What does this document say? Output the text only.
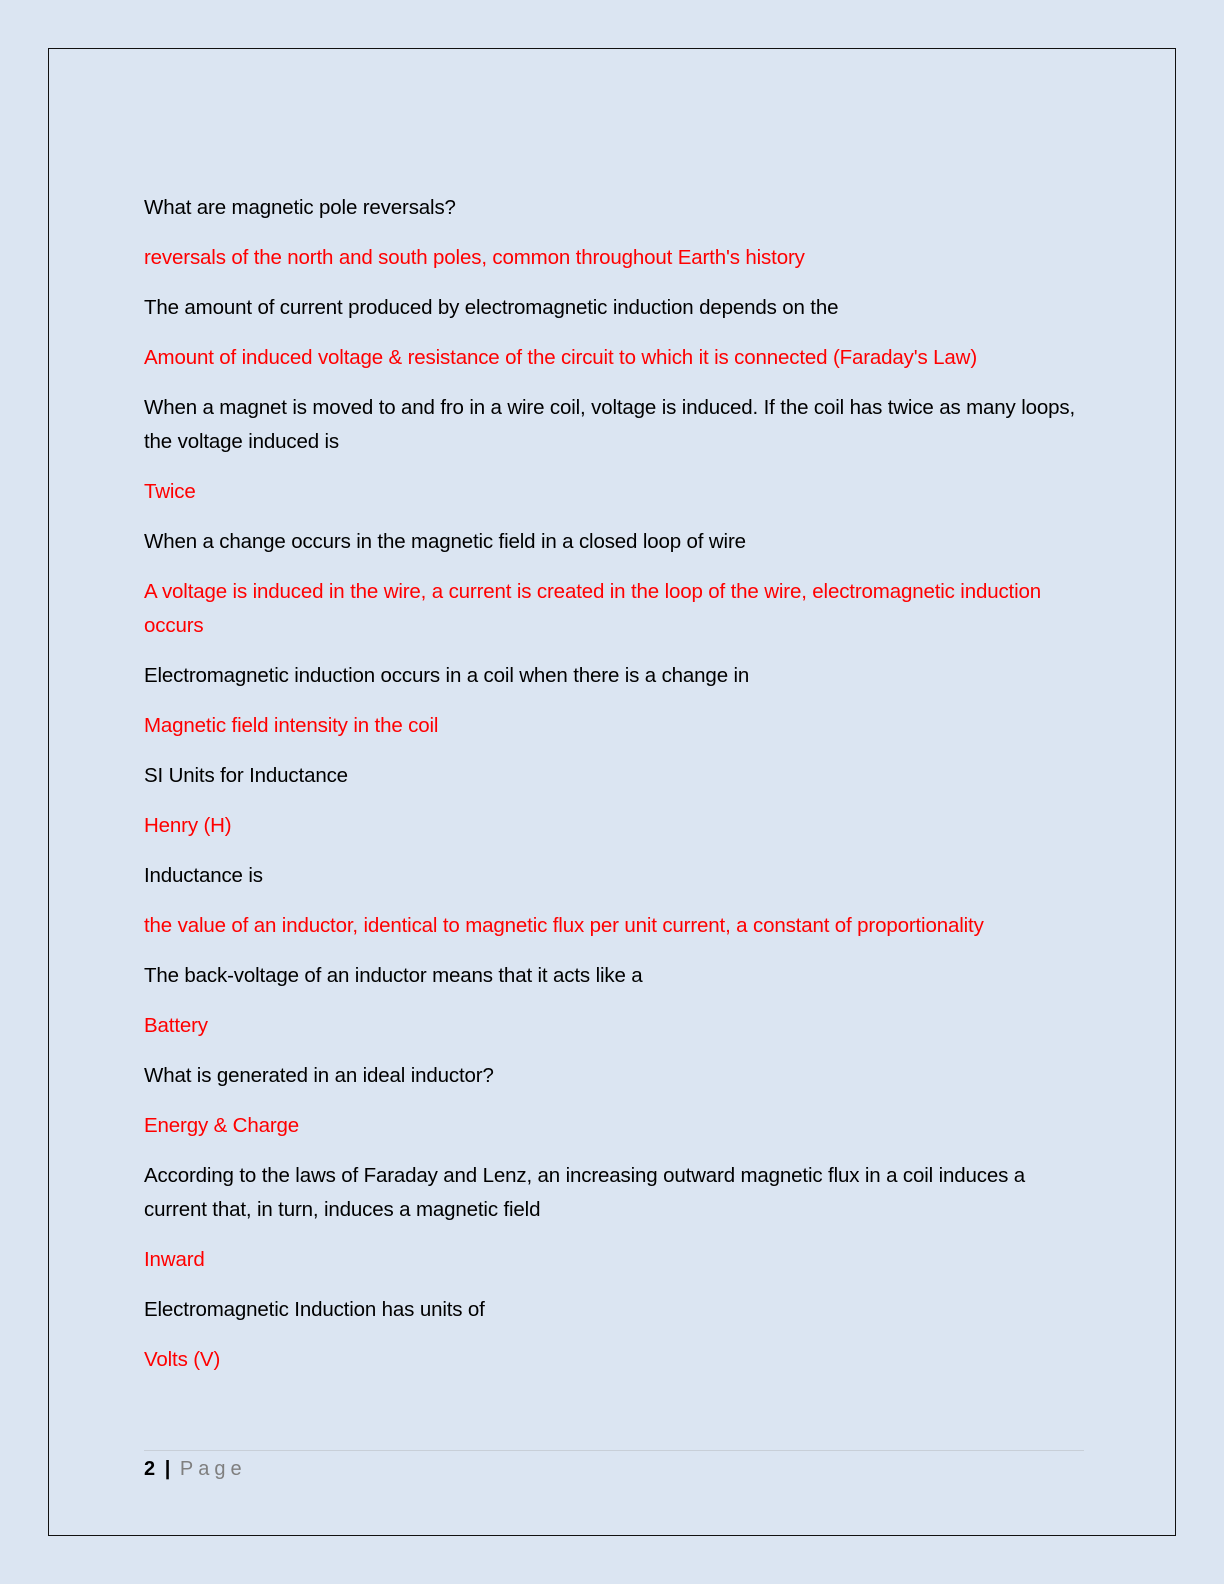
What are magnetic pole reversals?

reversals of the north and south poles, common throughout Earth's history

The amount of current produced by electromagnetic induction depends on the

Amount of induced voltage & resistance of the circuit to which it is connected (Faraday's Law)

When a magnet is moved to and fro in a wire coil, voltage is induced. If the coil has twice as many loops, the voltage induced is

Twice

When a change occurs in the magnetic field in a closed loop of wire

A voltage is induced in the wire, a current is created in the loop of the wire, electromagnetic induction occurs

Electromagnetic induction occurs in a coil when there is a change in

Magnetic field intensity in the coil

SI Units for Inductance

Henry (H)

Inductance is

the value of an inductor, identical to magnetic flux per unit current, a constant of proportionality

The back-voltage of an inductor means that it acts like a

Battery

What is generated in an ideal inductor?

Energy & Charge

According to the laws of Faraday and Lenz, an increasing outward magnetic flux in a coil induces a current that, in turn, induces a magnetic field

Inward

Electromagnetic Induction has units of

Volts (V)

2 | Page
